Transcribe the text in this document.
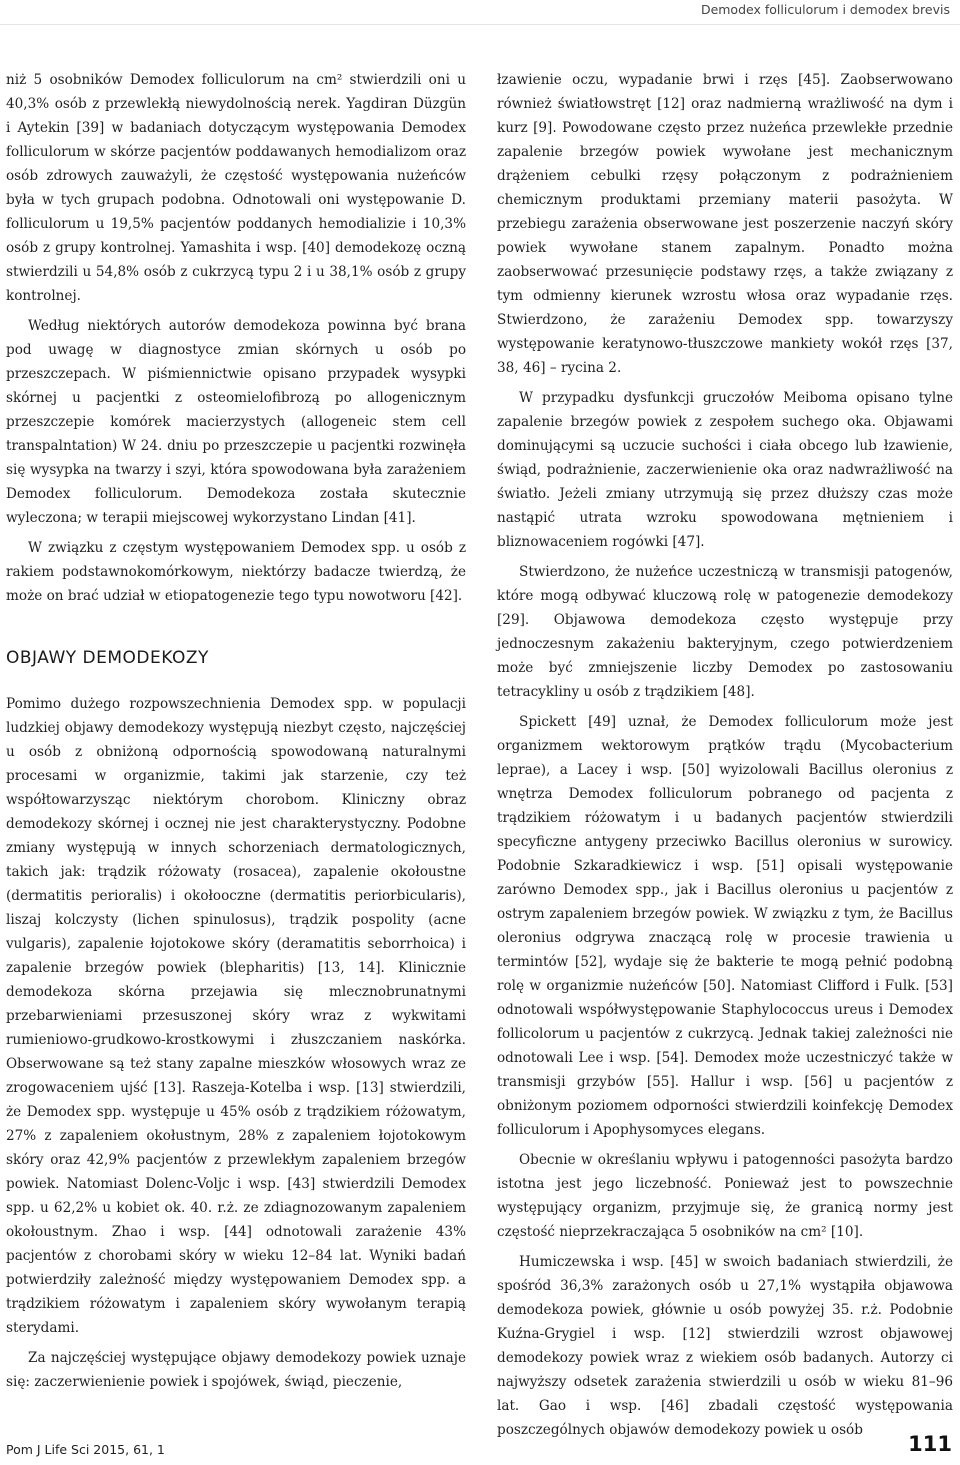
Demodex folliculorum i demodex brevis

niż 5 osobników Demodex folliculorum na cm² stwierdzili oni u 40,3% osób z przewlekłą niewydolnością nerek. Yagdiran Düzgün i Aytekin [39] w badaniach dotyczącym występowania Demodex folliculorum w skórze pacjentów poddawanych hemodializom oraz osób zdrowych zauważyli, że częstość występowania nużeńców była w tych grupach podobna. Odnotowali oni występowanie D. folliculorum u 19,5% pacjentów poddanych hemodializie i 10,3% osób z grupy kontrolnej. Yamashita i wsp. [40] demodekozę oczną stwierdzili u 54,8% osób z cukrzycą typu 2 i u 38,1% osób z grupy kontrolnej.

Według niektórych autorów demodekoza powinna być brana pod uwagę w diagnostyce zmian skórnych u osób po przeszczepach. W piśmiennictwie opisano przypadek wysypki skórnej u pacjentki z osteomielofibrozą po allogenicznym przeszczepie komórek macierzystych (allogeneic stem cell transpalntation) W 24. dniu po przeszczepie u pacjentki rozwinęła się wysypka na twarzy i szyi, która spowodowana była zarażeniem Demodex folliculorum. Demodekoza została skutecznie wyleczona; w terapii miejscowej wykorzystano Lindan [41].

W związku z częstym występowaniem Demodex spp. u osób z rakiem podstawnokomórkowym, niektórzy badacze twierdzą, że może on brać udział w etiopatogenezie tego typu nowotworu [42].

OBJAWY DEMODEKOZY

Pomimo dużego rozpowszechnienia Demodex spp. w populacji ludzkiej objawy demodekozy występują niezbyt często, najczęściej u osób z obniżoną odpornością spowodowaną naturalnymi procesami w organizmie, takimi jak starzenie, czy też współtowarzysząc niektórym chorobom. Kliniczny obraz demodekozy skórnej i ocznej nie jest charakterystyczny. Podobne zmiany występują w innych schorzeniach dermatologicznych, takich jak: trądzik różowaty (rosacea), zapalenie okołoustne (dermatitis perioralis) i okołooczne (dermatitis periorbicularis), liszaj kolczysty (lichen spinulosus), trądzik pospolity (acne vulgaris), zapalenie łojotokowe skóry (deramatitis seborrhoica) i zapalenie brzegów powiek (blepharitis) [13, 14]. Klinicznie demodekoza skórna przejawia się mlecznobrunatnymi przebarwieniami przesuszonej skóry wraz z wykwitami rumieniowo-grudkowo-krostkowymi i złuszczaniem naskórka. Obserwowane są też stany zapalne mieszków włosowych wraz ze zrogowaceniem ujść [13]. Raszeja-Kotelba i wsp. [13] stwierdzili, że Demodex spp. występuje u 45% osób z trądzikiem różowatym, 27% z zapaleniem okołustnym, 28% z zapaleniem łojotokowym skóry oraz 42,9% pacjentów z przewlekłym zapaleniem brzegów powiek. Natomiast Dolenc-Voljc i wsp. [43] stwierdzili Demodex spp. u 62,2% u kobiet ok. 40. r.ż. ze zdiagnozowanym zapaleniem okołoustnym. Zhao i wsp. [44] odnotowali zarażenie 43% pacjentów z chorobami skóry w wieku 12–84 lat. Wyniki badań potwierdziły zależność między występowaniem Demodex spp. a trądzikiem różowatym i zapaleniem skóry wywołanym terapią sterydami.

Za najczęściej występujące objawy demodekozy powiek uznaje się: zaczerwienienie powiek i spojówek, świąd, pieczenie,

łzawienie oczu, wypadanie brwi i rzęs [45]. Zaobserwowano również światłowstręt [12] oraz nadmierną wrażliwość na dym i kurz [9]. Powodowane często przez nużeńca przewlekłe przednie zapalenie brzegów powiek wywołane jest mechanicznym drążeniem cebulki rzęsy połączonym z podrażnieniem chemicznym produktami przemiany materii pasożyta. W przebiegu zarażenia obserwowane jest poszerzenie naczyń skóry powiek wywołane stanem zapalnym. Ponadto można zaobserwować przesunięcie podstawy rzęs, a także związany z tym odmienny kierunek wzrostu włosa oraz wypadanie rzęs. Stwierdzono, że zarażeniu Demodex spp. towarzyszy występowanie keratynowo-tłuszczowe mankiety wokół rzęs [37, 38, 46] – rycina 2.

W przypadku dysfunkcji gruczołów Meiboma opisano tylne zapalenie brzegów powiek z zespołem suchego oka. Objawami dominującymi są uczucie suchości i ciała obcego lub łzawienie, świąd, podrażnienie, zaczerwienienie oka oraz nadwrażliwość na światło. Jeżeli zmiany utrzymują się przez dłuższy czas może nastąpić utrata wzroku spowodowana mętnieniem i bliznowaceniem rogówki [47].

Stwierdzono, że nużeńce uczestniczą w transmisji patogenów, które mogą odbywać kluczową rolę w patogenezie demodekozy [29]. Objawowa demodekoza często występuje przy jednoczesnym zakażeniu bakteryjnym, czego potwierdzeniem może być zmniejszenie liczby Demodex po zastosowaniu tetracykliny u osób z trądzikiem [48].

Spickett [49] uznał, że Demodex folliculorum może jest organizmem wektorowym prątków trądu (Mycobacterium leprae), a Lacey i wsp. [50] wyizolowali Bacillus oleronius z wnętrza Demodex folliculorum pobranego od pacjenta z trądzikiem różowatym i u badanych pacjentów stwierdzili specyficzne antygeny przeciwko Bacillus oleronius w surowicy. Podobnie Szkaradkiewicz i wsp. [51] opisali występowanie zarówno Demodex spp., jak i Bacillus oleronius u pacjentów z ostrym zapaleniem brzegów powiek. W związku z tym, że Bacillus oleronius odgrywa znaczącą rolę w procesie trawienia u termintów [52], wydaje się że bakterie te mogą pełnić podobną rolę w organizmie nużeńców [50]. Natomiast Clifford i Fulk. [53] odnotowali współwystępowanie Staphylococcus ureus i Demodex follicolorum u pacjentów z cukrzycą. Jednak takiej zależności nie odnotowali Lee i wsp. [54]. Demodex może uczestniczyć także w transmisji grzybów [55]. Hallur i wsp. [56] u pacjentów z obniżonym poziomem odporności stwierdzili koinfekcję Demodex folliculorum i Apophysomyces elegans.

Obecnie w określaniu wpływu i patogenności pasożyta bardzo istotna jest jego liczebność. Ponieważ jest to powszechnie występujący organizm, przyjmuje się, że granicą normy jest częstość nieprzekraczająca 5 osobników na cm² [10].

Humiczewska i wsp. [45] w swoich badaniach stwierdzili, że spośród 36,3% zarażonych osób u 27,1% wystąpiła objawowa demodekoza powiek, głównie u osób powyżej 35. r.ż. Podobnie Kuźna-Grygiel i wsp. [12] stwierdzili wzrost objawowej demodekozy powiek wraz z wiekiem osób badanych. Autorzy ci najwyższy odsetek zarażenia stwierdzili u osób w wieku 81–96 lat. Gao i wsp. [46] zbadali częstość występowania poszczególnych objawów demodekozy powiek u osób

Pom J Life Sci 2015, 61, 1	111
